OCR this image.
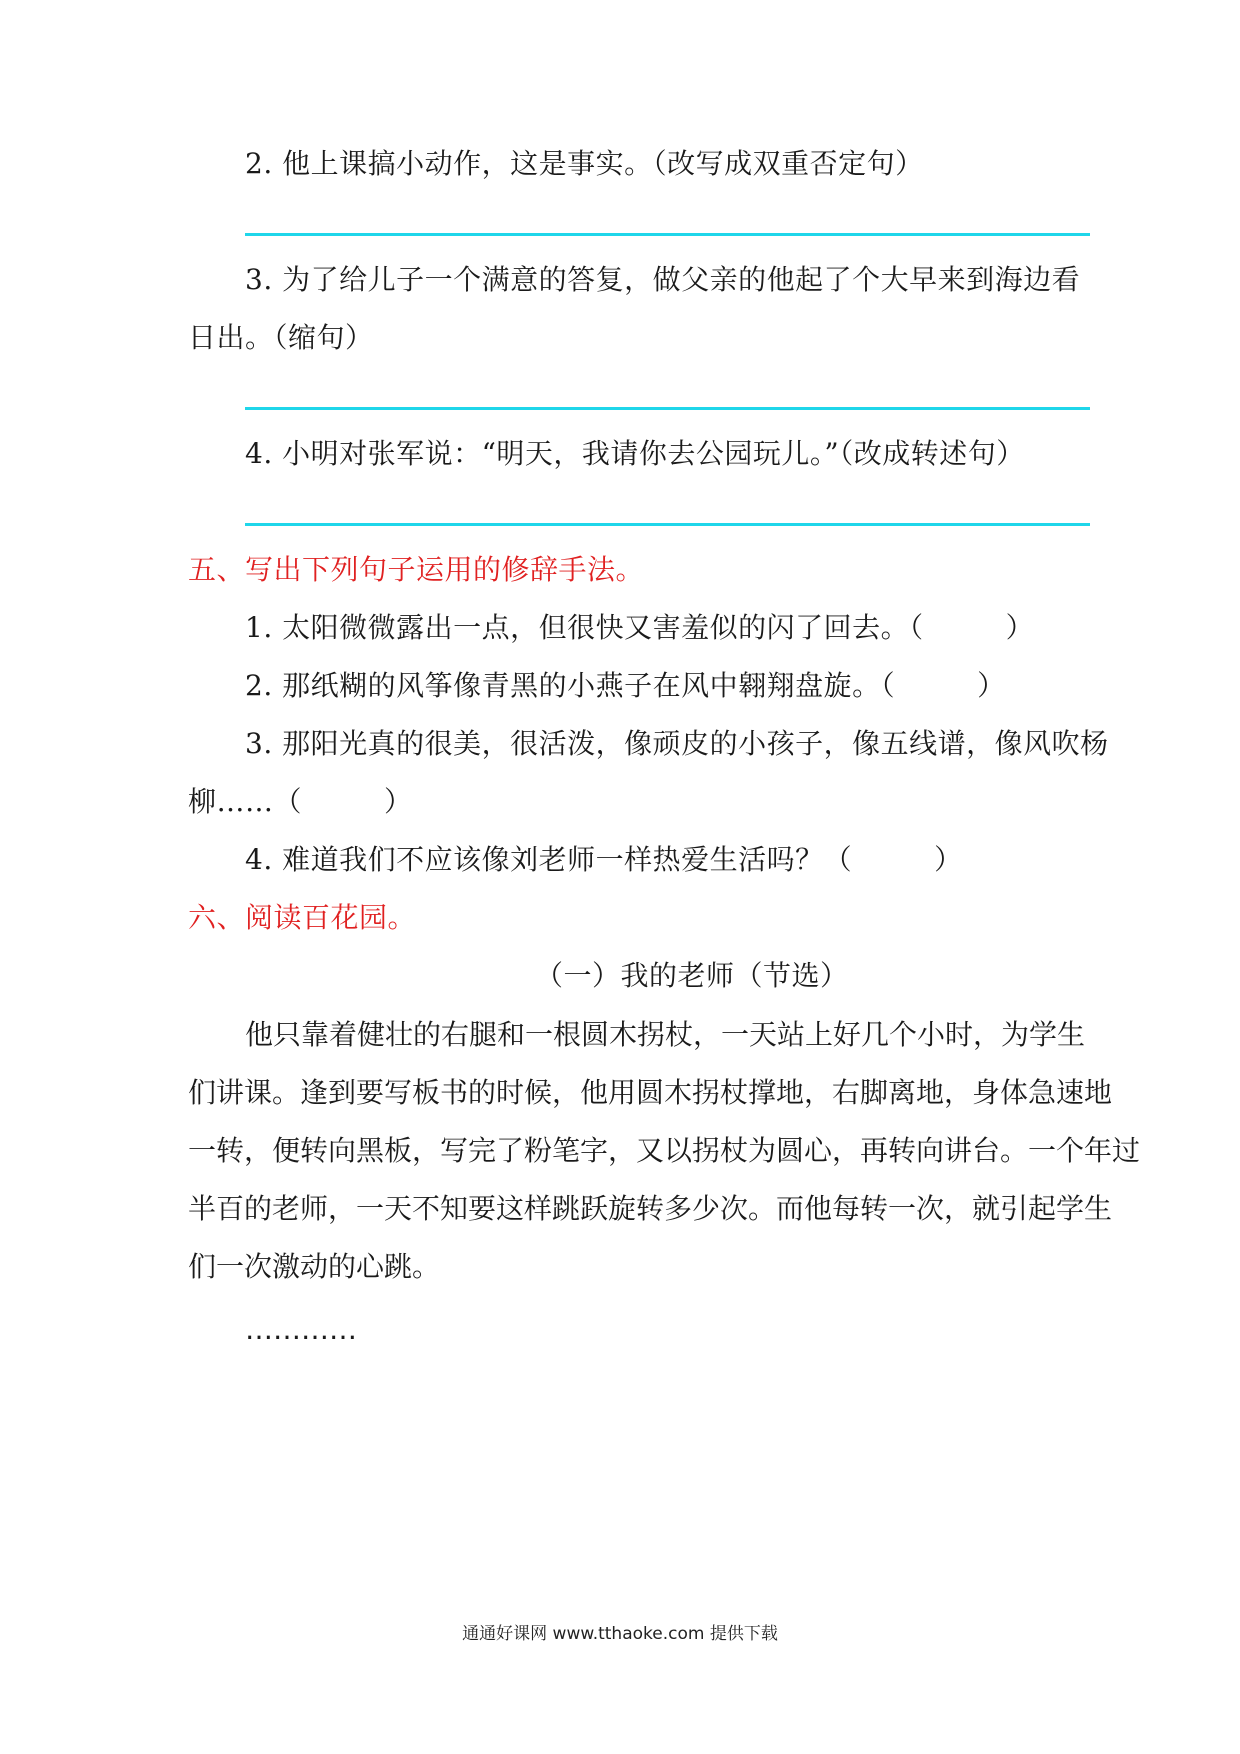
2. 他上课搞小动作，这是事实。（改写成双重否定句）
3. 为了给儿子一个满意的答复，做父亲的他起了个大早来到海边看
日出。（缩句）
4. 小明对张军说：“明天，我请你去公园玩儿。”（改成转述句）
五、写出下列句子运用的修辞手法。
1. 太阳微微露出一点，但很快又害羞似的闪了回去。（	）
2. 那纸糊的风筝像青黑的小燕子在风中翱翔盘旋。（	）
3. 那阳光真的很美，很活泼，像顽皮的小孩子，像五线谱，像风吹杨
柳……（	）
4. 难道我们不应该像刘老师一样热爱生活吗？（	）
六、阅读百花园。
（一）我的老师（节选）
他只靠着健壮的右腿和一根圆木拐杖，一天站上好几个小时，为学生
们讲课。逢到要写板书的时候，他用圆木拐杖撑地，右脚离地，身体急速地
一转，便转向黑板，写完了粉笔字，又以拐杖为圆心，再转向讲台。一个年过
半百的老师，一天不知要这样跳跃旋转多少次。而他每转一次，就引起学生
们一次激动的心跳。
…………
通通好课网 www.tthaoke.com 提供下载
